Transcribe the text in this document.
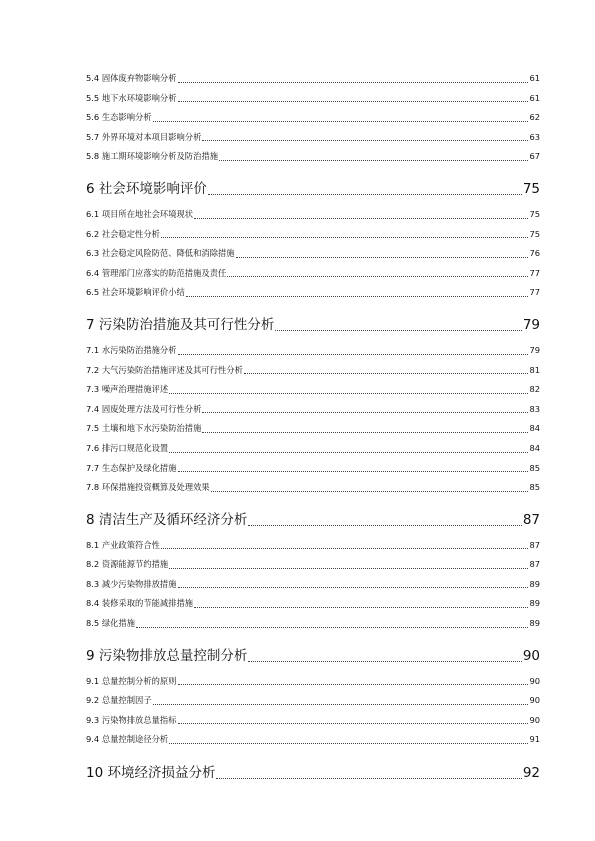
5.4 固体废弃物影响分析	61
5.5 地下水环境影响分析	61
5.6 生态影响分析	62
5.7 外界环境对本项目影响分析	63
5.8 施工期环境影响分析及防治措施	67
6 社会环境影响评价	75
6.1 项目所在地社会环境现状	75
6.2 社会稳定性分析	75
6.3 社会稳定风险防范、降低和消除措施	76
6.4 管理部门应落实的防范措施及责任	77
6.5 社会环境影响评价小结	77
7 污染防治措施及其可行性分析	79
7.1 水污染防治措施分析	79
7.2 大气污染防治措施评述及其可行性分析	81
7.3 噪声治理措施评述	82
7.4 固废处理方法及可行性分析	83
7.5 土壤和地下水污染防治措施	84
7.6 排污口规范化设置	84
7.7 生态保护及绿化措施	85
7.8 环保措施投资概算及处理效果	85
8 清洁生产及循环经济分析	87
8.1 产业政策符合性	87
8.2 资源能源节约措施	87
8.3 减少污染物排放措施	89
8.4 装修采取的节能减排措施	89
8.5 绿化措施	89
9 污染物排放总量控制分析	90
9.1 总量控制分析的原则	90
9.2 总量控制因子	90
9.3 污染物排放总量指标	90
9.4 总量控制途径分析	91
10 环境经济损益分析	92
